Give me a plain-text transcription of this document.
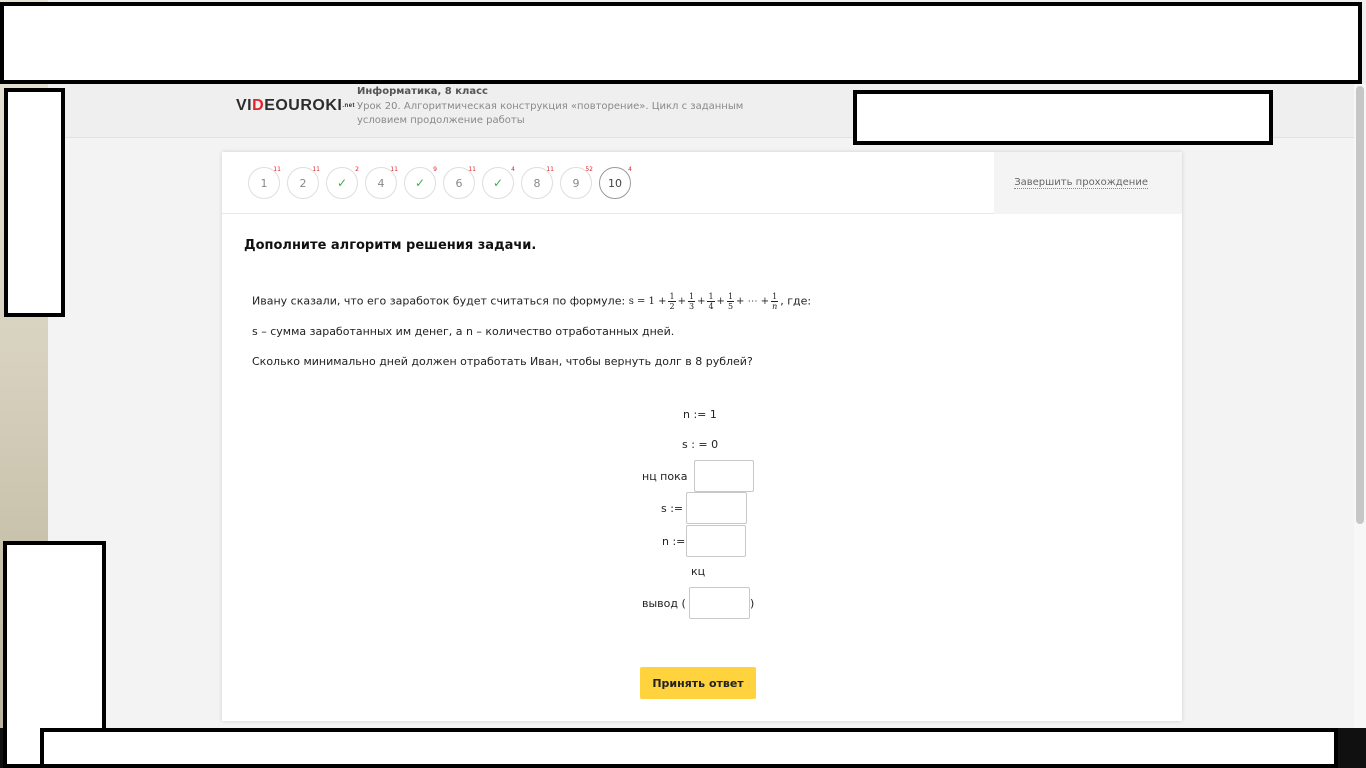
VIDEOUROKI.net
Информатика, 8 класс
Урок 20. Алгоритмическая конструкция «повторение». Цикл с заданным условием продолжение работы
1
11
2
11
✓
2
4
11
✓
9
6
11
✓
4
8
11
9
52
10
4
Завершить прохождение
Дополните алгоритм решения задачи.
Ивану сказали, что его заработок будет считаться по формуле: $s = 1 + \frac{1}{2} + \frac{1}{3} + \frac{1}{4} + \frac{1}{5}$ + ⋯ + $\frac{1}{n}$ , где:
s – сумма заработанных им денег, а n – количество отработанных дней.
Сколько минимально дней должен отработать Иван, чтобы вернуть долг в 8 рублей?
n := 1
s : = 0
нц пока
s :=
n :=
кц
вывод (	)
Принять ответ
